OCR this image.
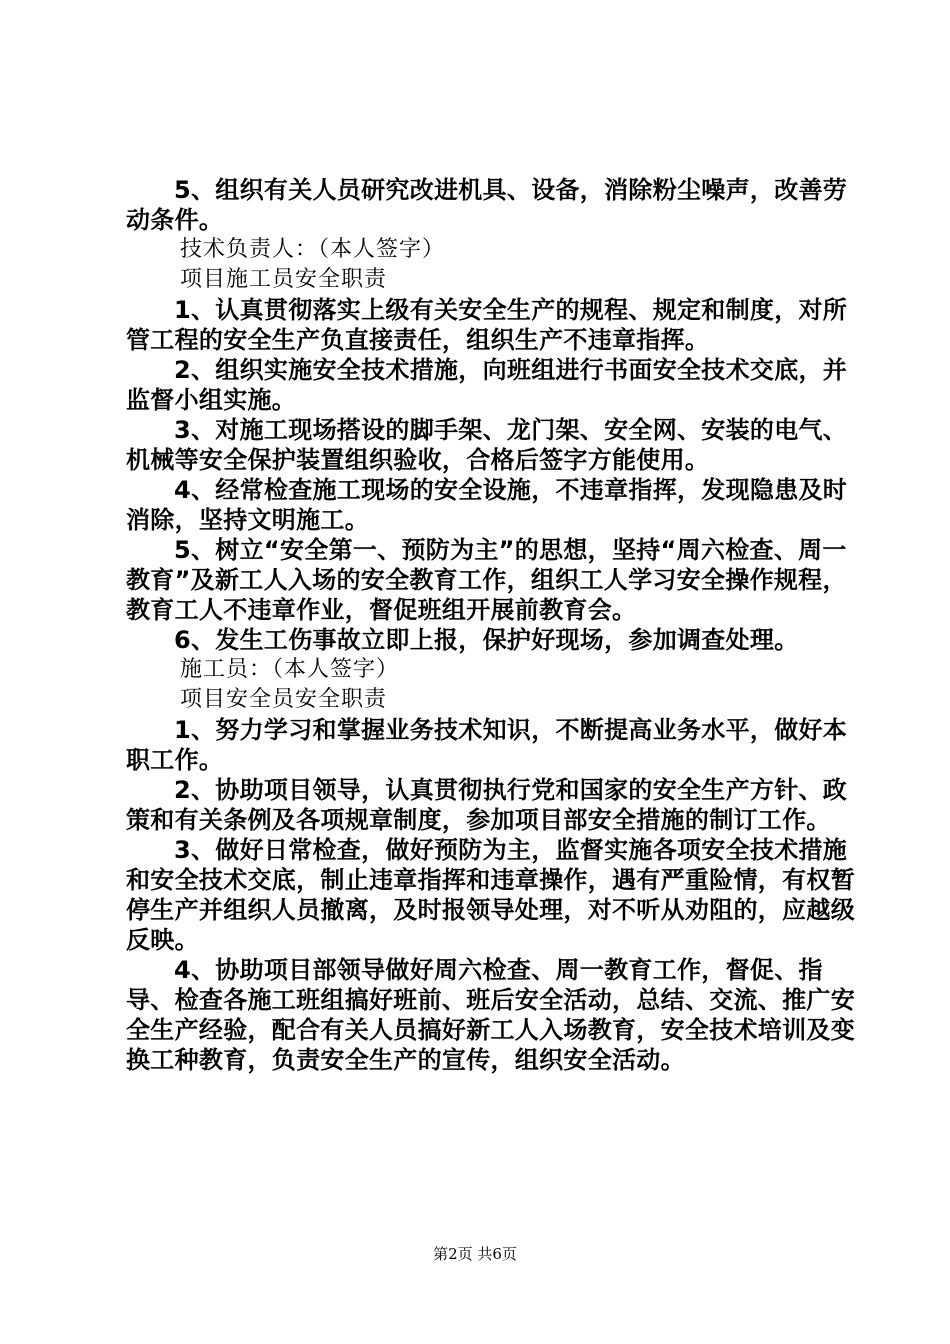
5、组织有关人员研究改进机具、设备，消除粉尘噪声，改善劳动条件。

技术负责人：（本人签字）

项目施工员安全职责

1、认真贯彻落实上级有关安全生产的规程、规定和制度，对所管工程的安全生产负直接责任，组织生产不违章指挥。

2、组织实施安全技术措施，向班组进行书面安全技术交底，并监督小组实施。

3、对施工现场搭设的脚手架、龙门架、安全网、安装的电气、机械等安全保护装置组织验收，合格后签字方能使用。

4、经常检查施工现场的安全设施，不违章指挥，发现隐患及时消除，坚持文明施工。

5、树立“安全第一、预防为主”的思想，坚持“周六检查、周一教育”及新工人入场的安全教育工作，组织工人学习安全操作规程，教育工人不违章作业，督促班组开展前教育会。

6、发生工伤事故立即上报，保护好现场，参加调查处理。

施工员：（本人签字）

项目安全员安全职责

1、努力学习和掌握业务技术知识，不断提高业务水平，做好本职工作。

2、协助项目领导，认真贯彻执行党和国家的安全生产方针、政策和有关条例及各项规章制度，参加项目部安全措施的制订工作。

3、做好日常检查，做好预防为主，监督实施各项安全技术措施和安全技术交底，制止违章指挥和违章操作，遇有严重险情，有权暂停生产并组织人员撤离，及时报领导处理，对不听从劝阻的，应越级反映。

4、协助项目部领导做好周六检查、周一教育工作，督促、指导、检查各施工班组搞好班前、班后安全活动，总结、交流、推广安全生产经验，配合有关人员搞好新工人入场教育，安全技术培训及变换工种教育，负责安全生产的宣传，组织安全活动。

第2页 共6页
